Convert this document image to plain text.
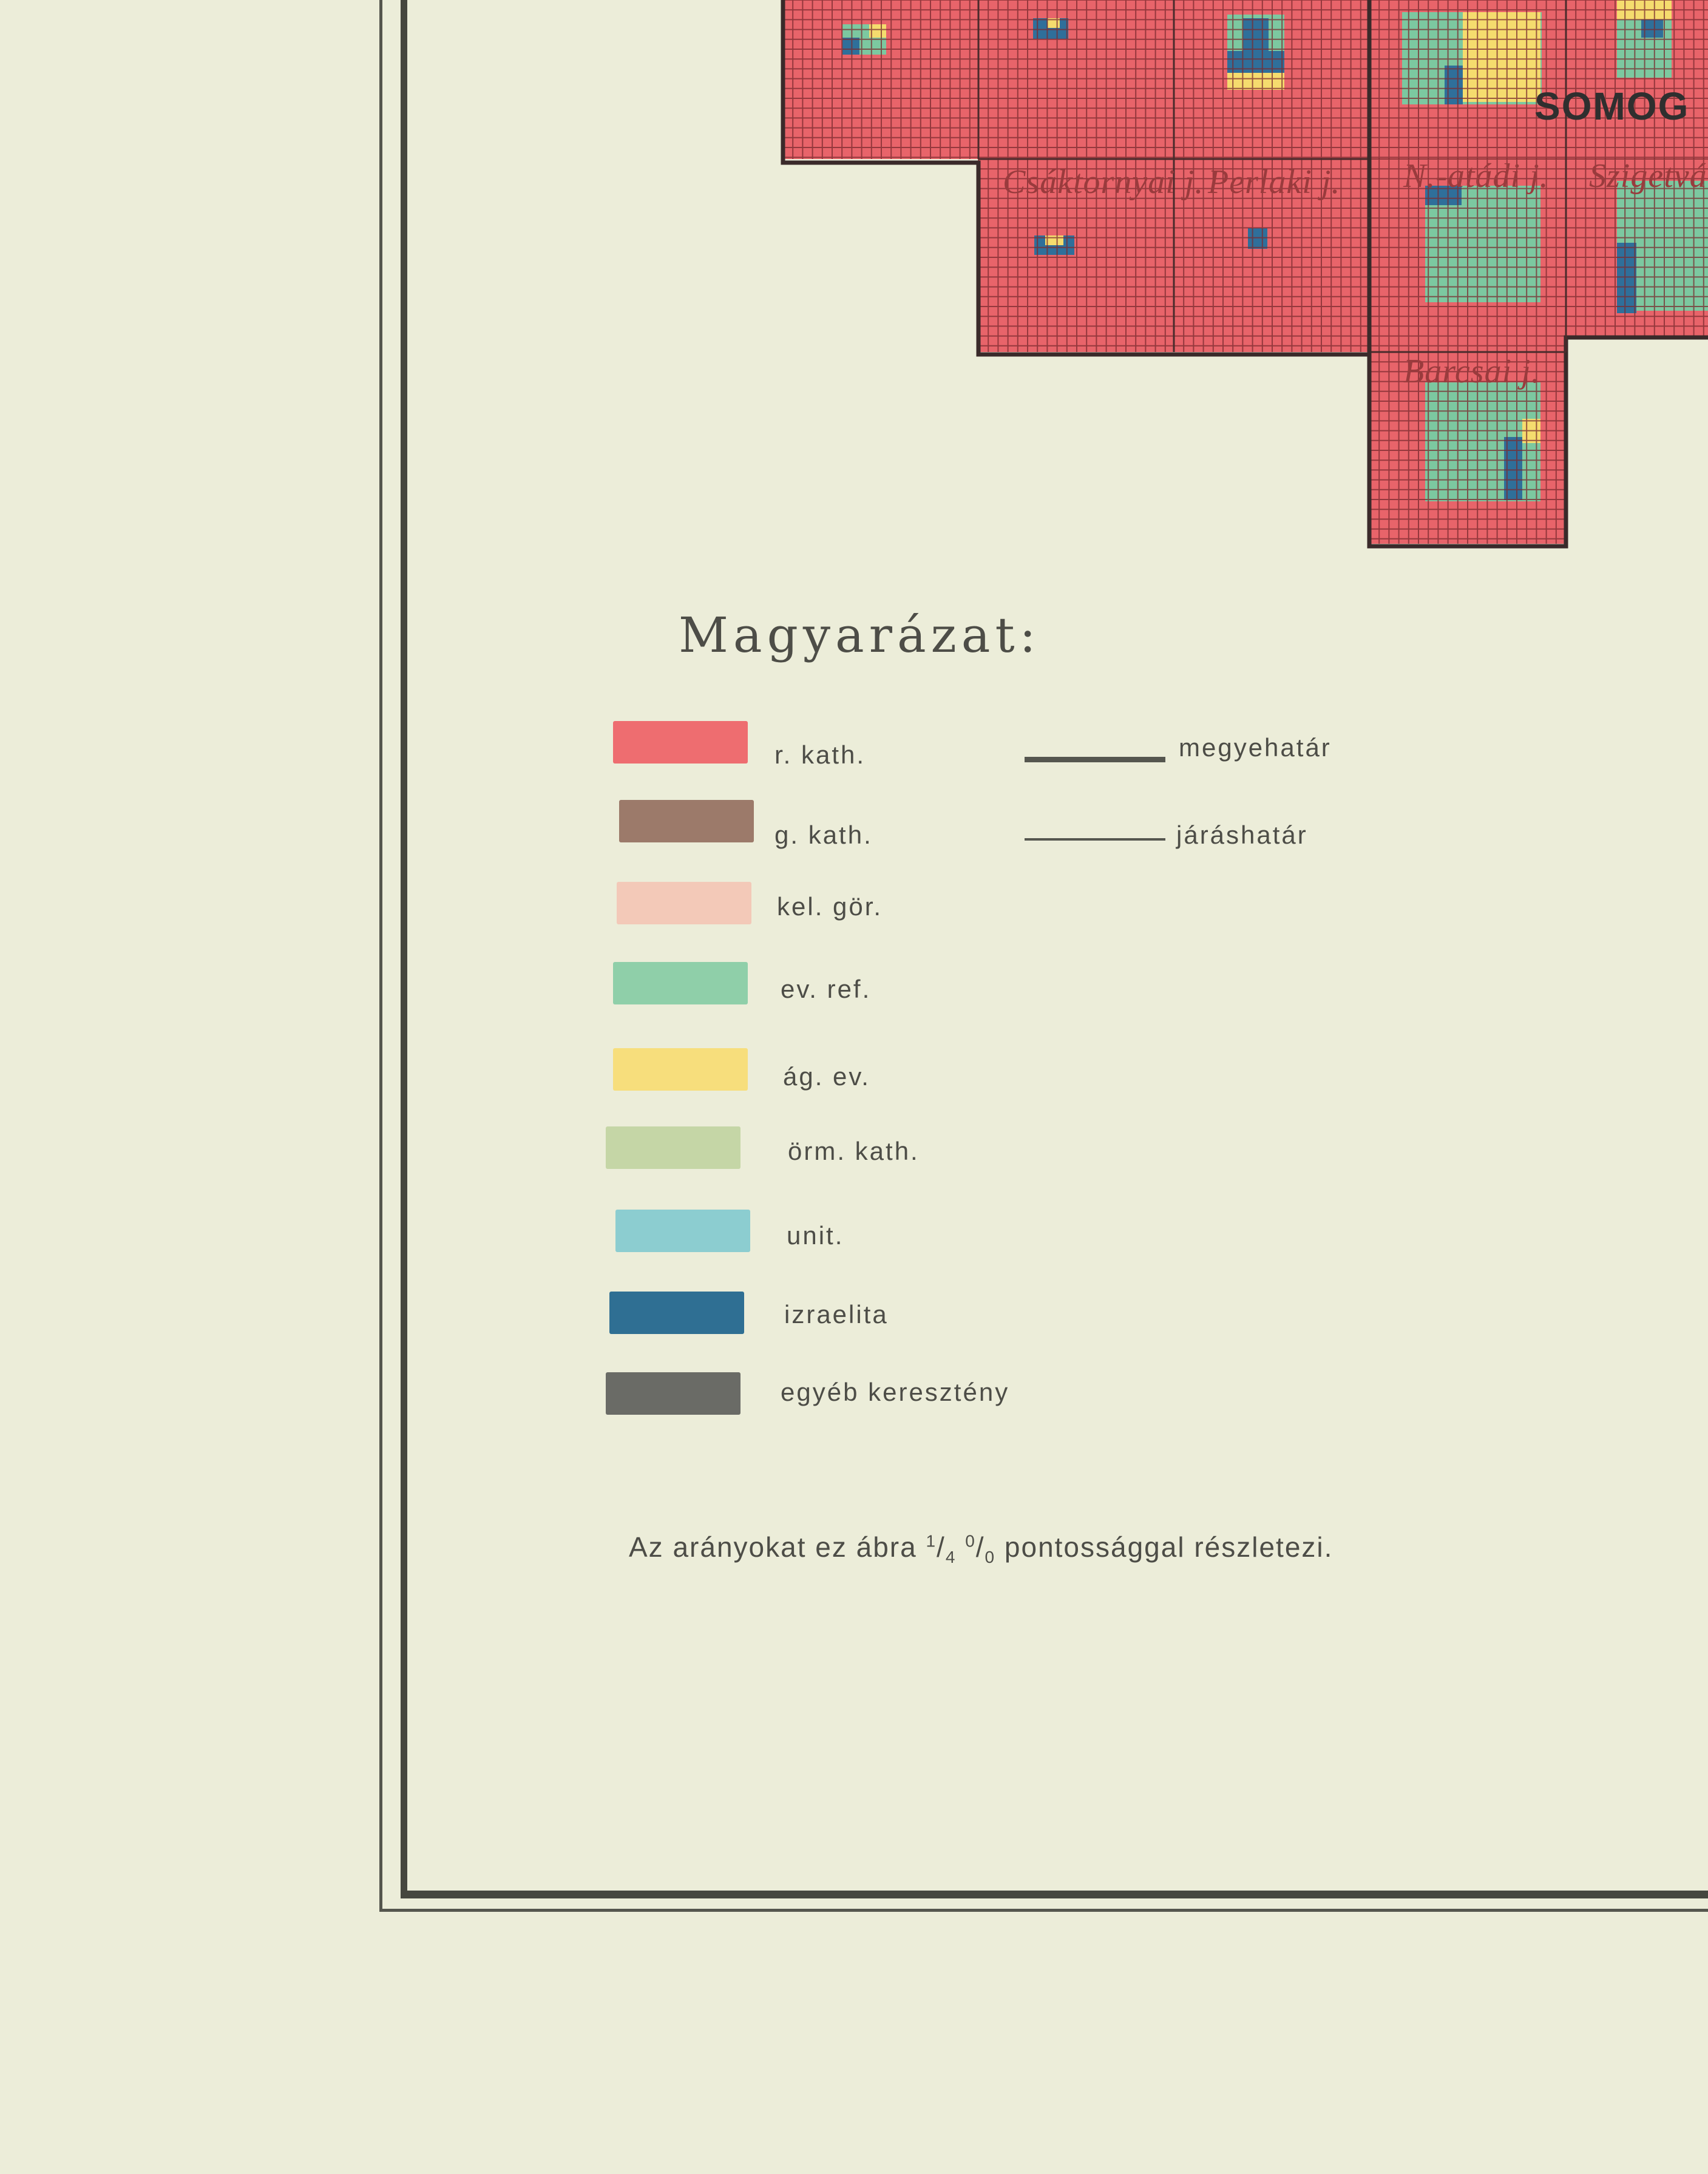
Csáktornyai j. Perlaki j. N.-atádi j. Szigetvá
Barcsai j.
SOMOG
Magyarázat:
r. kath.
g. kath.
kel. gör.
ev. ref.
ág. ev.
örm. kath.
unit.
izraelita
egyéb keresztény
megyehatár
járáshatár
Az arányokat ez ábra $^1/_4$ $^0/_0$ pontossággal részletezi.
